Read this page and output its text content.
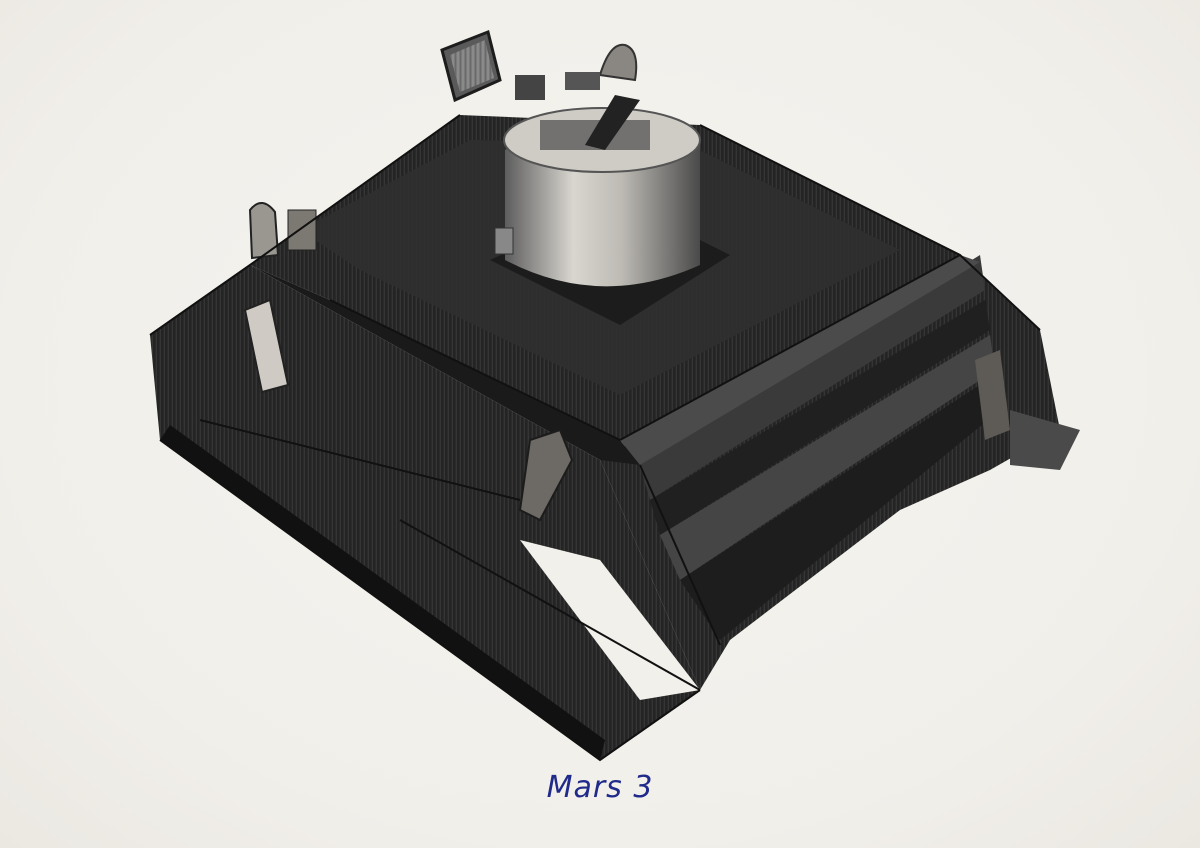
Mars 3
